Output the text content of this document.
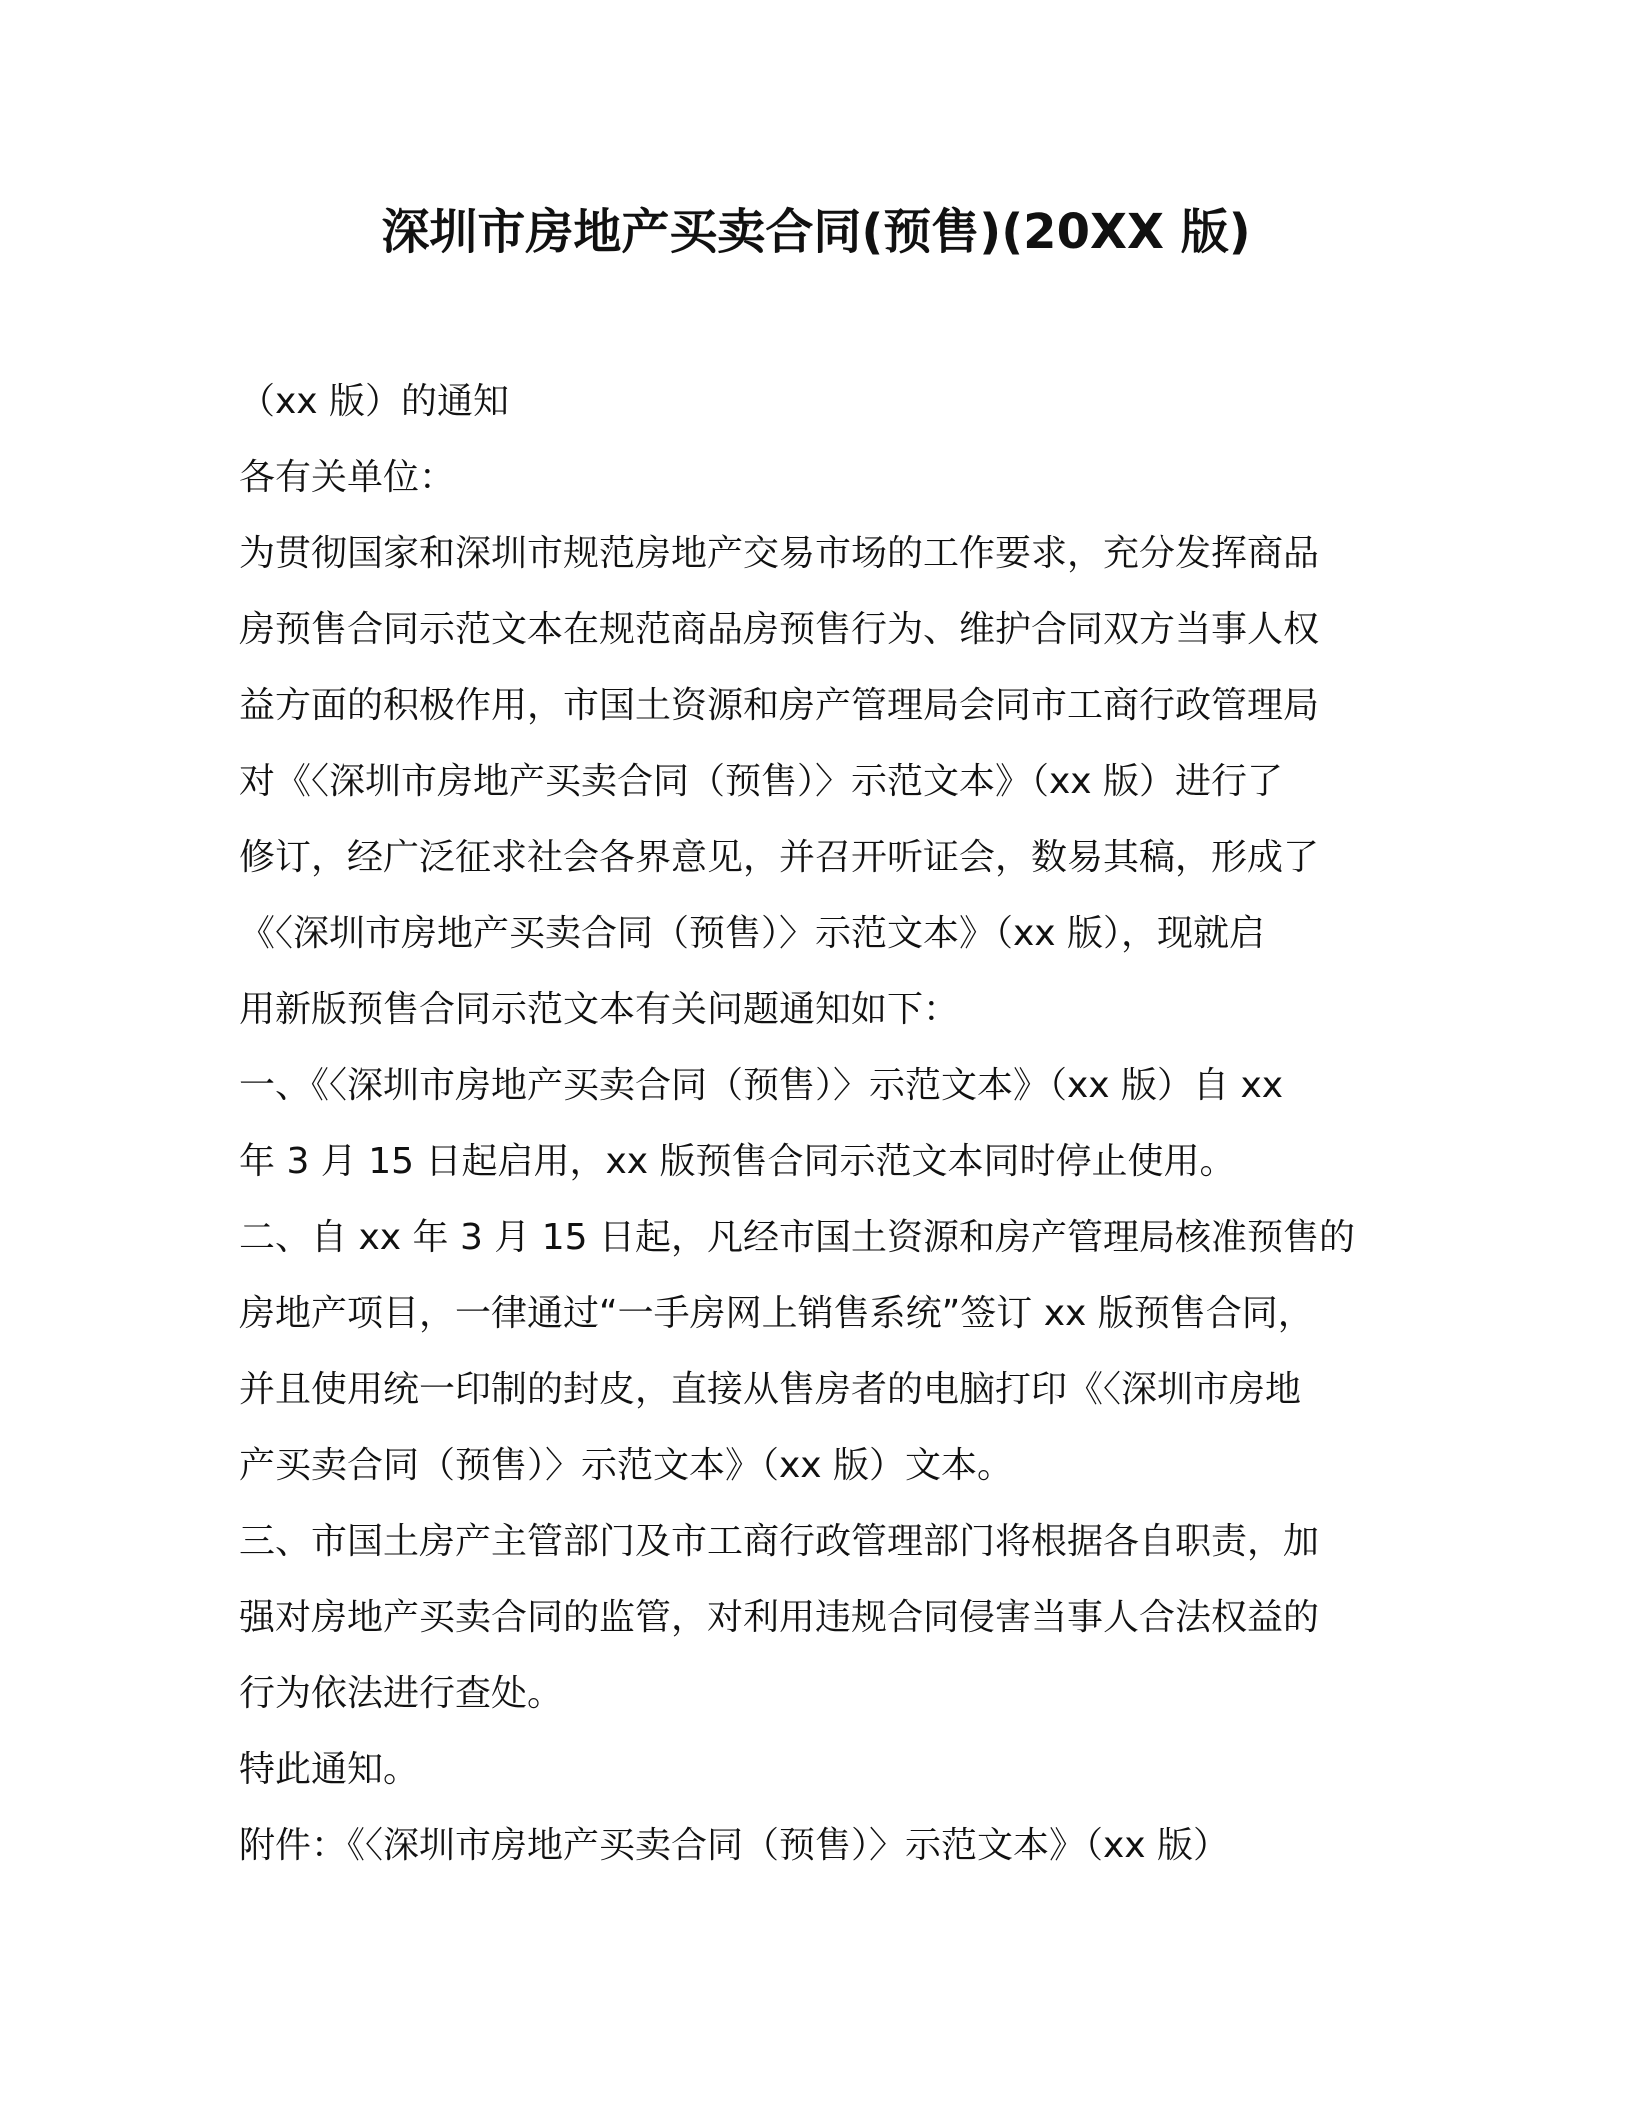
深圳市房地产买卖合同(预售)(20XX 版)
（xx 版）的通知
各有关单位：
为贯彻国家和深圳市规范房地产交易市场的工作要求，充分发挥商品
房预售合同示范文本在规范商品房预售行为、维护合同双方当事人权
益方面的积极作用，市国土资源和房产管理局会同市工商行政管理局
对《〈深圳市房地产买卖合同（预售）〉示范文本》（xx 版）进行了
修订，经广泛征求社会各界意见，并召开听证会，数易其稿，形成了
《〈深圳市房地产买卖合同（预售）〉示范文本》（xx 版），现就启
用新版预售合同示范文本有关问题通知如下：
一、《〈深圳市房地产买卖合同（预售）〉示范文本》（xx 版）自 xx
年 3 月 15 日起启用，xx 版预售合同示范文本同时停止使用。
二、自 xx 年 3 月 15 日起，凡经市国土资源和房产管理局核准预售的
房地产项目，一律通过“一手房网上销售系统”签订 xx 版预售合同，
并且使用统一印制的封皮，直接从售房者的电脑打印《〈深圳市房地
产买卖合同（预售）〉示范文本》（xx 版）文本。
三、市国土房产主管部门及市工商行政管理部门将根据各自职责，加
强对房地产买卖合同的监管，对利用违规合同侵害当事人合法权益的
行为依法进行查处。
特此通知。
附件：《〈深圳市房地产买卖合同（预售）〉示范文本》（xx 版）
